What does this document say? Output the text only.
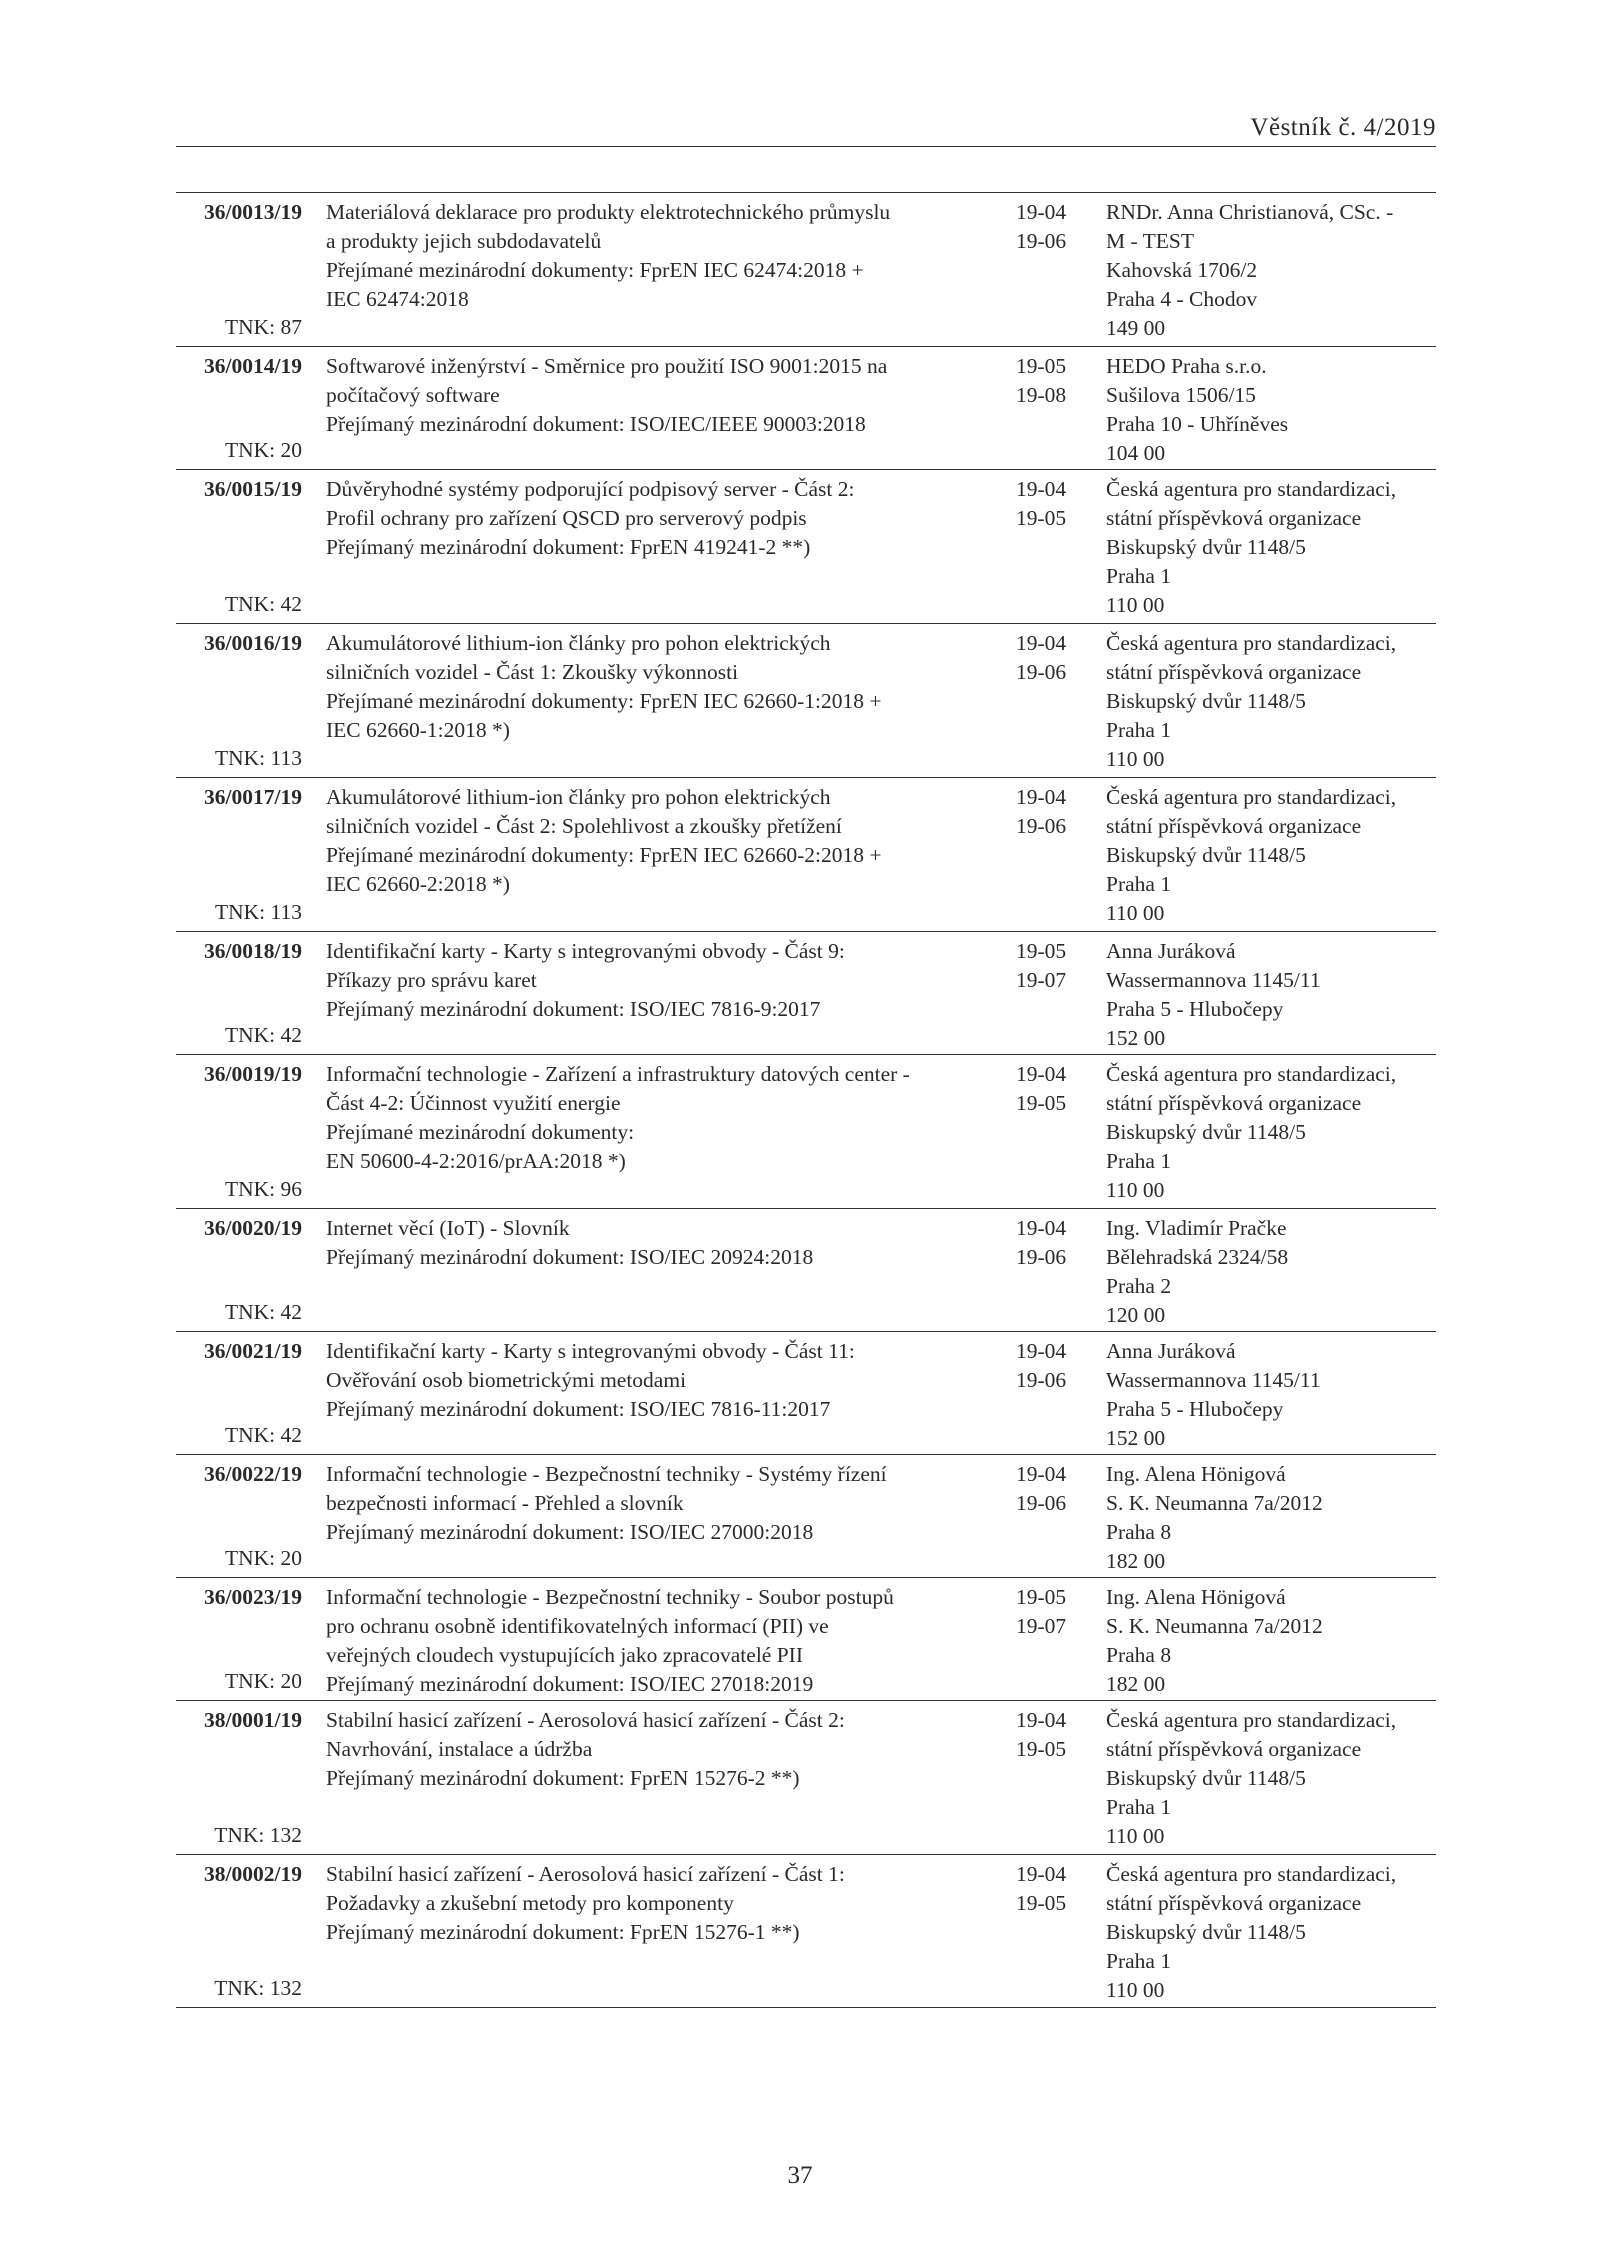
Věstník č. 4/2019
36/0013/19
TNK: 87
Materiálová deklarace pro produkty elektrotechnického průmyslu
a produkty jejich subdodavatelů
Přejímané mezinárodní dokumenty: FprEN IEC 62474:2018 +
IEC 62474:2018
19-04
19-06
RNDr. Anna Christianová, CSc. -
M - TEST
Kahovská 1706/2
Praha 4 - Chodov
149 00
36/0014/19
TNK: 20
Softwarové inženýrství - Směrnice pro použití ISO 9001:2015 na
počítačový software
Přejímaný mezinárodní dokument: ISO/IEC/IEEE 90003:2018
19-05
19-08
HEDO Praha s.r.o.
Sušilova 1506/15
Praha 10 - Uhříněves
104 00
36/0015/19
TNK: 42
Důvěryhodné systémy podporující podpisový server - Část 2:
Profil ochrany pro zařízení QSCD pro serverový podpis
Přejímaný mezinárodní dokument: FprEN 419241-2 **)
19-04
19-05
Česká agentura pro standardizaci,
státní příspěvková organizace
Biskupský dvůr 1148/5
Praha 1
110 00
36/0016/19
TNK: 113
Akumulátorové lithium-ion články pro pohon elektrických
silničních vozidel - Část 1: Zkoušky výkonnosti
Přejímané mezinárodní dokumenty: FprEN IEC 62660-1:2018 +
IEC 62660-1:2018 *)
19-04
19-06
Česká agentura pro standardizaci,
státní příspěvková organizace
Biskupský dvůr 1148/5
Praha 1
110 00
36/0017/19
TNK: 113
Akumulátorové lithium-ion články pro pohon elektrických
silničních vozidel - Část 2: Spolehlivost a zkoušky přetížení
Přejímané mezinárodní dokumenty: FprEN IEC 62660-2:2018 +
IEC 62660-2:2018 *)
19-04
19-06
Česká agentura pro standardizaci,
státní příspěvková organizace
Biskupský dvůr 1148/5
Praha 1
110 00
36/0018/19
TNK: 42
Identifikační karty - Karty s integrovanými obvody - Část 9:
Příkazy pro správu karet
Přejímaný mezinárodní dokument: ISO/IEC 7816-9:2017
19-05
19-07
Anna Juráková
Wassermannova 1145/11
Praha 5 - Hlubočepy
152 00
36/0019/19
TNK: 96
Informační technologie - Zařízení a infrastruktury datových center -
Část 4-2: Účinnost využití energie
Přejímané mezinárodní dokumenty:
EN 50600-4-2:2016/prAA:2018 *)
19-04
19-05
Česká agentura pro standardizaci,
státní příspěvková organizace
Biskupský dvůr 1148/5
Praha 1
110 00
36/0020/19
TNK: 42
Internet věcí (IoT) - Slovník
Přejímaný mezinárodní dokument: ISO/IEC 20924:2018
19-04
19-06
Ing. Vladimír Pračke
Bělehradská 2324/58
Praha 2
120 00
36/0021/19
TNK: 42
Identifikační karty - Karty s integrovanými obvody - Část 11:
Ověřování osob biometrickými metodami
Přejímaný mezinárodní dokument: ISO/IEC 7816-11:2017
19-04
19-06
Anna Juráková
Wassermannova 1145/11
Praha 5 - Hlubočepy
152 00
36/0022/19
TNK: 20
Informační technologie - Bezpečnostní techniky - Systémy řízení
bezpečnosti informací - Přehled a slovník
Přejímaný mezinárodní dokument: ISO/IEC 27000:2018
19-04
19-06
Ing. Alena Hönigová
S. K. Neumanna 7a/2012
Praha 8
182 00
36/0023/19
TNK: 20
Informační technologie - Bezpečnostní techniky - Soubor postupů
pro ochranu osobně identifikovatelných informací (PII) ve
veřejných cloudech vystupujících jako zpracovatelé PII
Přejímaný mezinárodní dokument: ISO/IEC 27018:2019
19-05
19-07
Ing. Alena Hönigová
S. K. Neumanna 7a/2012
Praha 8
182 00
38/0001/19
TNK: 132
Stabilní hasicí zařízení - Aerosolová hasicí zařízení - Část 2:
Navrhování, instalace a údržba
Přejímaný mezinárodní dokument: FprEN 15276-2 **)
19-04
19-05
Česká agentura pro standardizaci,
státní příspěvková organizace
Biskupský dvůr 1148/5
Praha 1
110 00
38/0002/19
TNK: 132
Stabilní hasicí zařízení - Aerosolová hasicí zařízení - Část 1:
Požadavky a zkušební metody pro komponenty
Přejímaný mezinárodní dokument: FprEN 15276-1 **)
19-04
19-05
Česká agentura pro standardizaci,
státní příspěvková organizace
Biskupský dvůr 1148/5
Praha 1
110 00
37
